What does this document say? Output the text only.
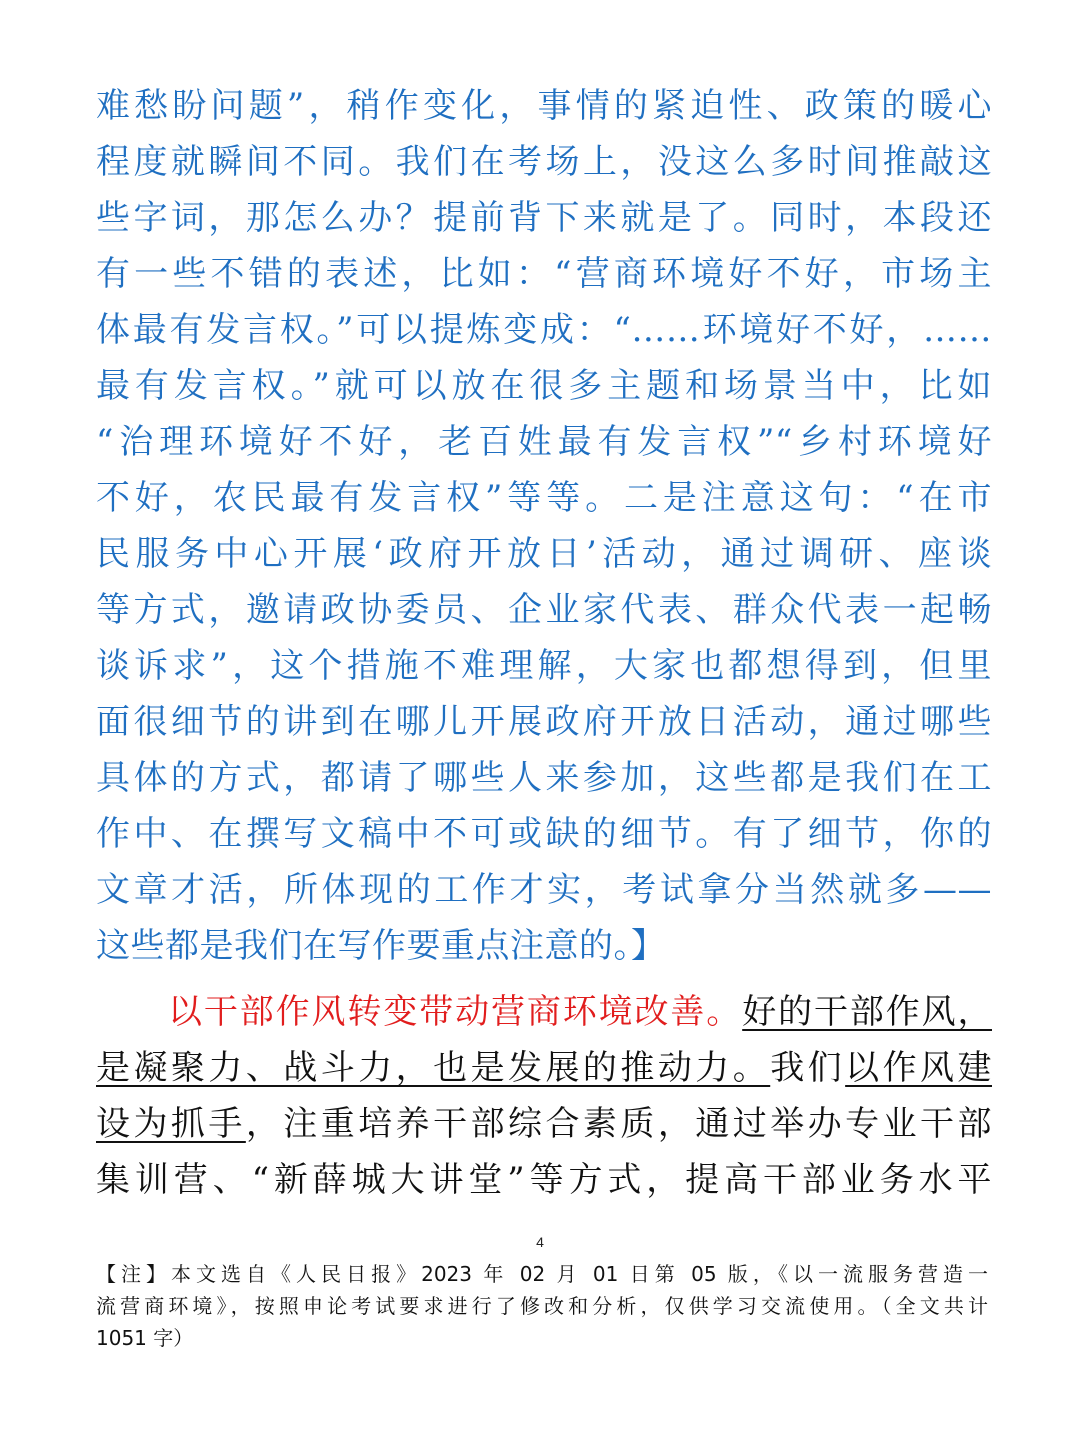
难愁盼问题”，稍作变化，事情的紧迫性、政策的暖心
程度就瞬间不同。我们在考场上，没这么多时间推敲这
些字词，那怎么办？提前背下来就是了。同时，本段还
有一些不错的表述，比如：“营商环境好不好，市场主
体最有发言权。”可以提炼变成：“……环境好不好，……
最有发言权。”就可以放在很多主题和场景当中，比如
“治理环境好不好，老百姓最有发言权”“乡村环境好
不好，农民最有发言权”等等。二是注意这句：“在市
民服务中心开展‘政府开放日’活动，通过调研、座谈
等方式，邀请政协委员、企业家代表、群众代表一起畅
谈诉求”，这个措施不难理解，大家也都想得到，但里
面很细节的讲到在哪儿开展政府开放日活动，通过哪些
具体的方式，都请了哪些人来参加，这些都是我们在工
作中、在撰写文稿中不可或缺的细节。有了细节，你的
文章才活，所体现的工作才实，考试拿分当然就多——
这些都是我们在写作要重点注意的。】
以干部作风转变带动营商环境改善。好的干部作风，
是凝聚力、战斗力，也是发展的推动力。我们以作风建
设为抓手，注重培养干部综合素质，通过举办专业干部
集训营、“新薛城大讲堂”等方式，提高干部业务水平
4
【注】本文选自《人民日报》2023 年 02 月 01 日第 05 版，《以一流服务营造一
流营商环境》，按照申论考试要求进行了修改和分析，仅供学习交流使用。（全文共计
1051 字）
